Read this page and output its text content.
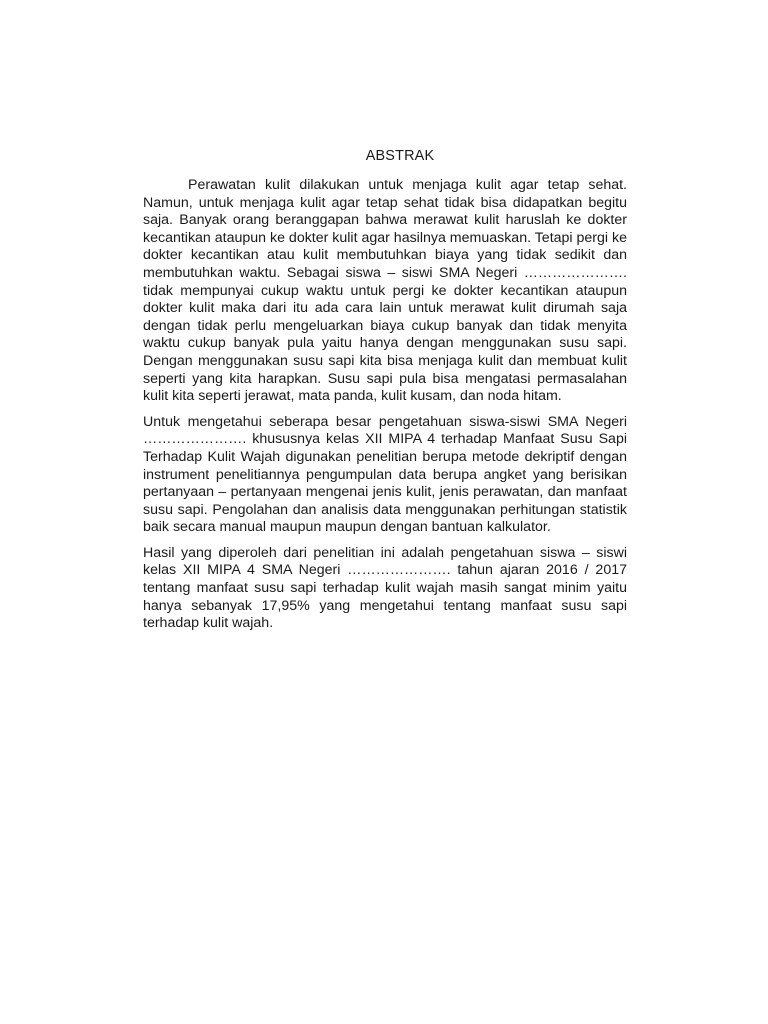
ABSTRAK

Perawatan kulit dilakukan untuk menjaga kulit agar tetap sehat. Namun, untuk menjaga kulit agar tetap sehat tidak bisa didapatkan begitu saja. Banyak orang beranggapan bahwa merawat kulit haruslah ke dokter kecantikan ataupun ke dokter kulit agar hasilnya memuaskan. Tetapi pergi ke dokter kecantikan atau kulit membutuhkan biaya yang tidak sedikit dan membutuhkan waktu. Sebagai siswa – siswi SMA Negeri …………………. tidak mempunyai cukup waktu untuk pergi ke dokter kecantikan ataupun dokter kulit maka dari itu ada cara lain untuk merawat kulit dirumah saja dengan tidak perlu mengeluarkan biaya cukup banyak dan tidak menyita waktu cukup banyak pula yaitu hanya dengan menggunakan susu sapi. Dengan menggunakan susu sapi kita bisa menjaga kulit dan membuat kulit seperti yang kita harapkan. Susu sapi pula bisa mengatasi permasalahan kulit kita seperti jerawat, mata panda, kulit kusam, dan noda hitam.

Untuk mengetahui seberapa besar pengetahuan siswa-siswi SMA Negeri …………………. khususnya kelas XII MIPA 4 terhadap Manfaat Susu Sapi Terhadap Kulit Wajah digunakan penelitian berupa metode dekriptif dengan instrument penelitiannya pengumpulan data berupa angket yang berisikan pertanyaan – pertanyaan mengenai jenis kulit, jenis perawatan, dan manfaat susu sapi. Pengolahan dan analisis data menggunakan perhitungan statistik baik secara manual maupun maupun dengan bantuan kalkulator.

Hasil yang diperoleh dari penelitian ini adalah pengetahuan siswa – siswi kelas XII MIPA 4 SMA Negeri …………………. tahun ajaran 2016 / 2017 tentang manfaat susu sapi terhadap kulit wajah masih sangat minim yaitu hanya sebanyak 17,95% yang mengetahui tentang manfaat susu sapi terhadap kulit wajah.
